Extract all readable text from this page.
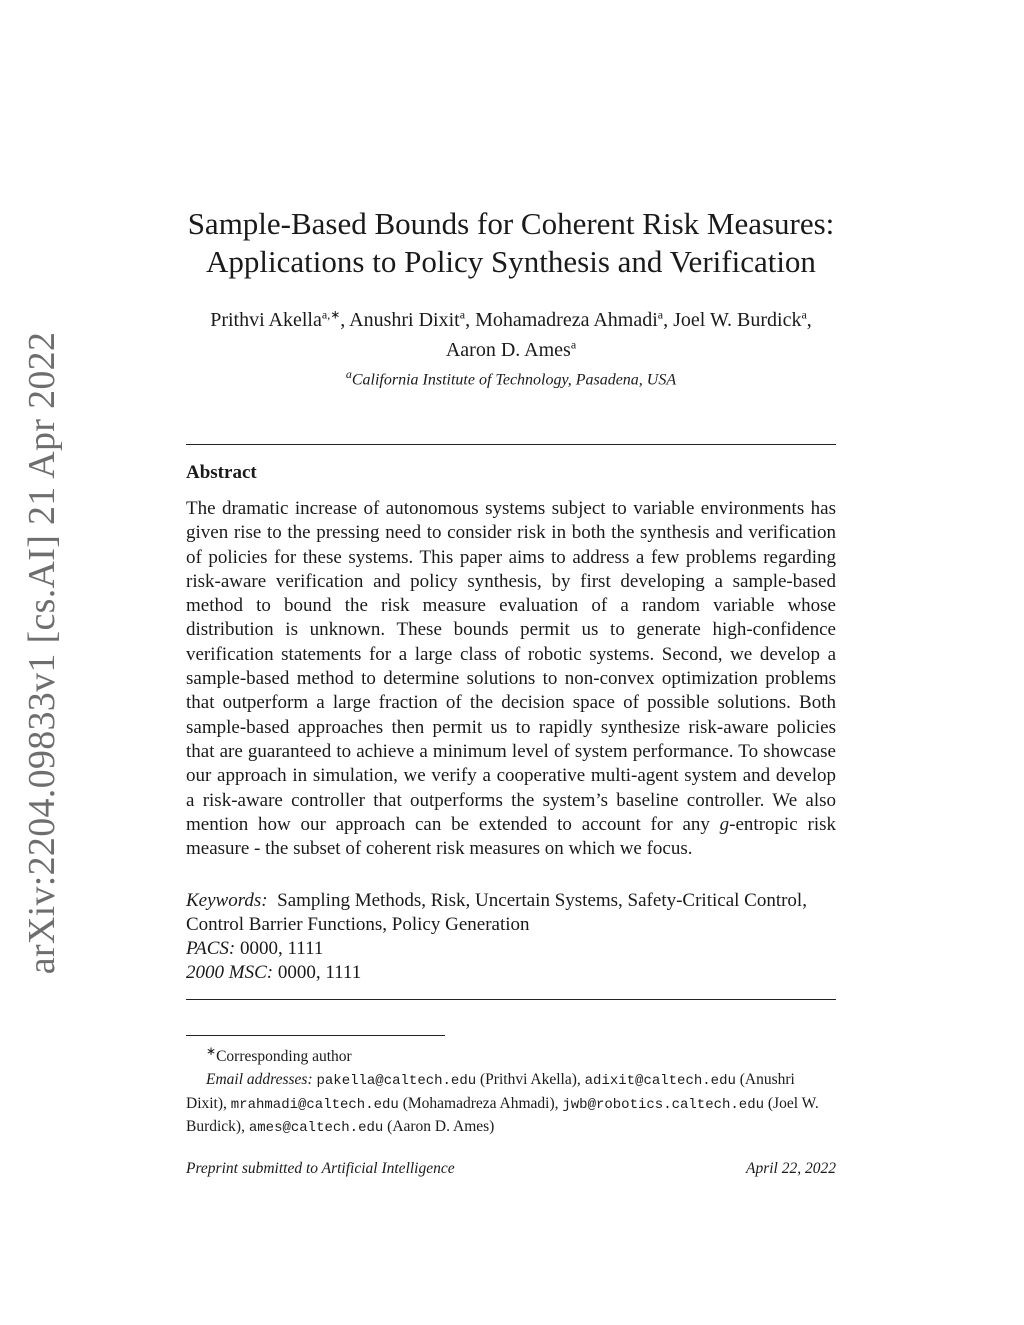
arXiv:2204.09833v1 [cs.AI] 21 Apr 2022
Sample-Based Bounds for Coherent Risk Measures:
Applications to Policy Synthesis and Verification
Prithvi Akella$^{a,∗}$, Anushri Dixit$^a$, Mohamadreza Ahmadi$^a$, Joel W. Burdick$^a$, Aaron D. Ames$^a$
$^a$California Institute of Technology, Pasadena, USA
Abstract

The dramatic increase of autonomous systems subject to variable environments has given rise to the pressing need to consider risk in both the synthesis and verification of policies for these systems. This paper aims to address a few problems regarding risk-aware verification and policy synthesis, by first developing a sample-based method to bound the risk measure evaluation of a random variable whose distribution is unknown. These bounds permit us to generate high-confidence verification statements for a large class of robotic systems. Second, we develop a sample-based method to determine solutions to non-convex optimization problems that outperform a large fraction of the decision space of possible solutions. Both sample-based approaches then permit us to rapidly synthesize risk-aware policies that are guaranteed to achieve a minimum level of system performance. To showcase our approach in simulation, we verify a cooperative multi-agent system and develop a risk-aware controller that outperforms the system’s baseline controller. We also mention how our approach can be extended to account for any g-entropic risk measure - the subset of coherent risk measures on which we focus.

Keywords: Sampling Methods, Risk, Uncertain Systems, Safety-Critical Control, Control Barrier Functions, Policy Generation
PACS: 0000, 1111
2000 MSC: 0000, 1111
∗Corresponding author
Email addresses: pakella@caltech.edu (Prithvi Akella), adixit@caltech.edu (Anushri Dixit), mrahmadi@caltech.edu (Mohamadreza Ahmadi), jwb@robotics.caltech.edu (Joel W. Burdick), ames@caltech.edu (Aaron D. Ames)
Preprint submitted to Artificial Intelligence	April 22, 2022
